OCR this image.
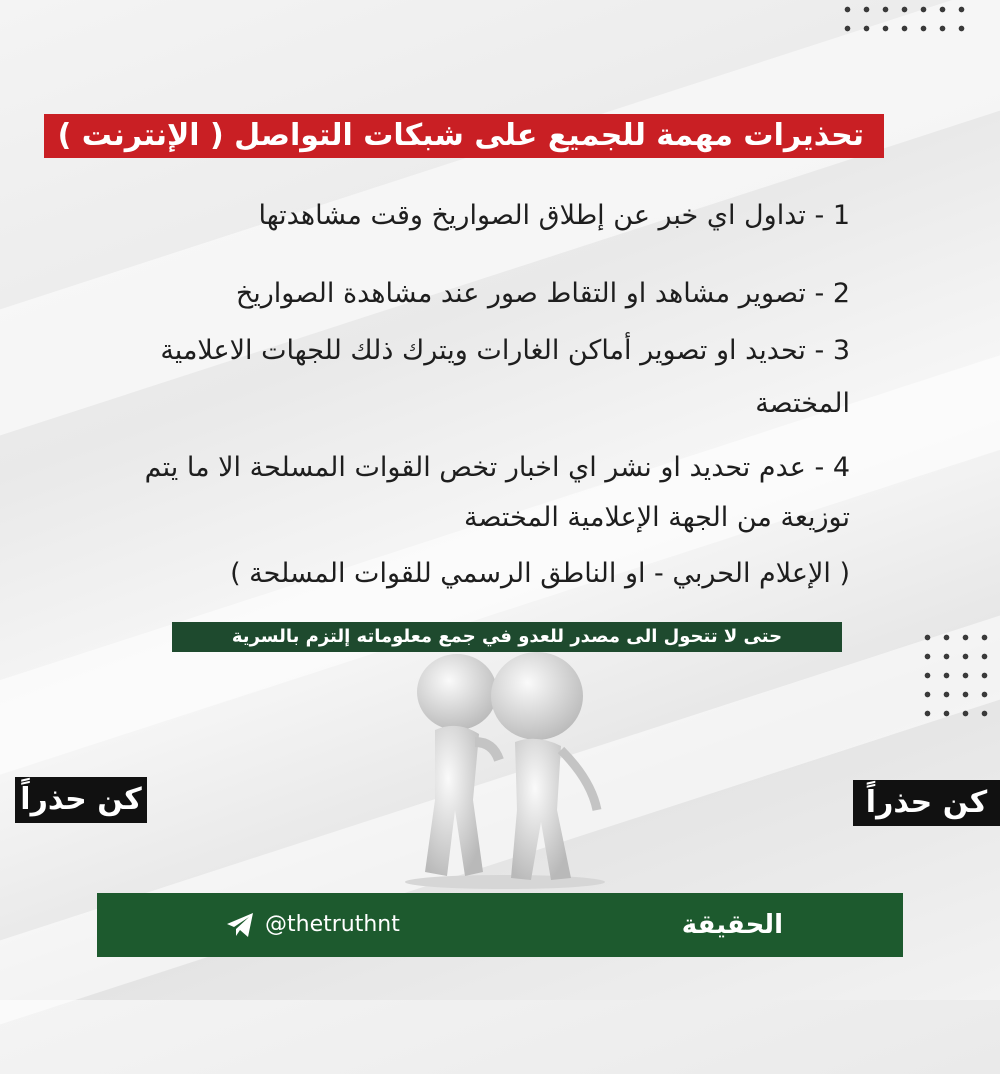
تحذيرات مهمة للجميع على شبكات التواصل ( الإنترنت )
1 - تداول اي خبر عن إطلاق الصواريخ وقت مشاهدتها
2 - تصوير مشاهد او التقاط صور عند مشاهدة الصواريخ
3 - تحديد او تصوير أماكن الغارات ويترك ذلك للجهات الاعلامية
المختصة
4 - عدم تحديد او نشر اي اخبار تخص القوات المسلحة الا ما يتم
توزيعة من الجهة الإعلامية المختصة
( الإعلام الحربي - او الناطق الرسمي للقوات المسلحة )
حتى لا تتحول الى مصدر للعدو في جمع معلوماته إلتزم بالسرية
كن حذراً	كن حذراً
@thetruthnt	الحقيقة
